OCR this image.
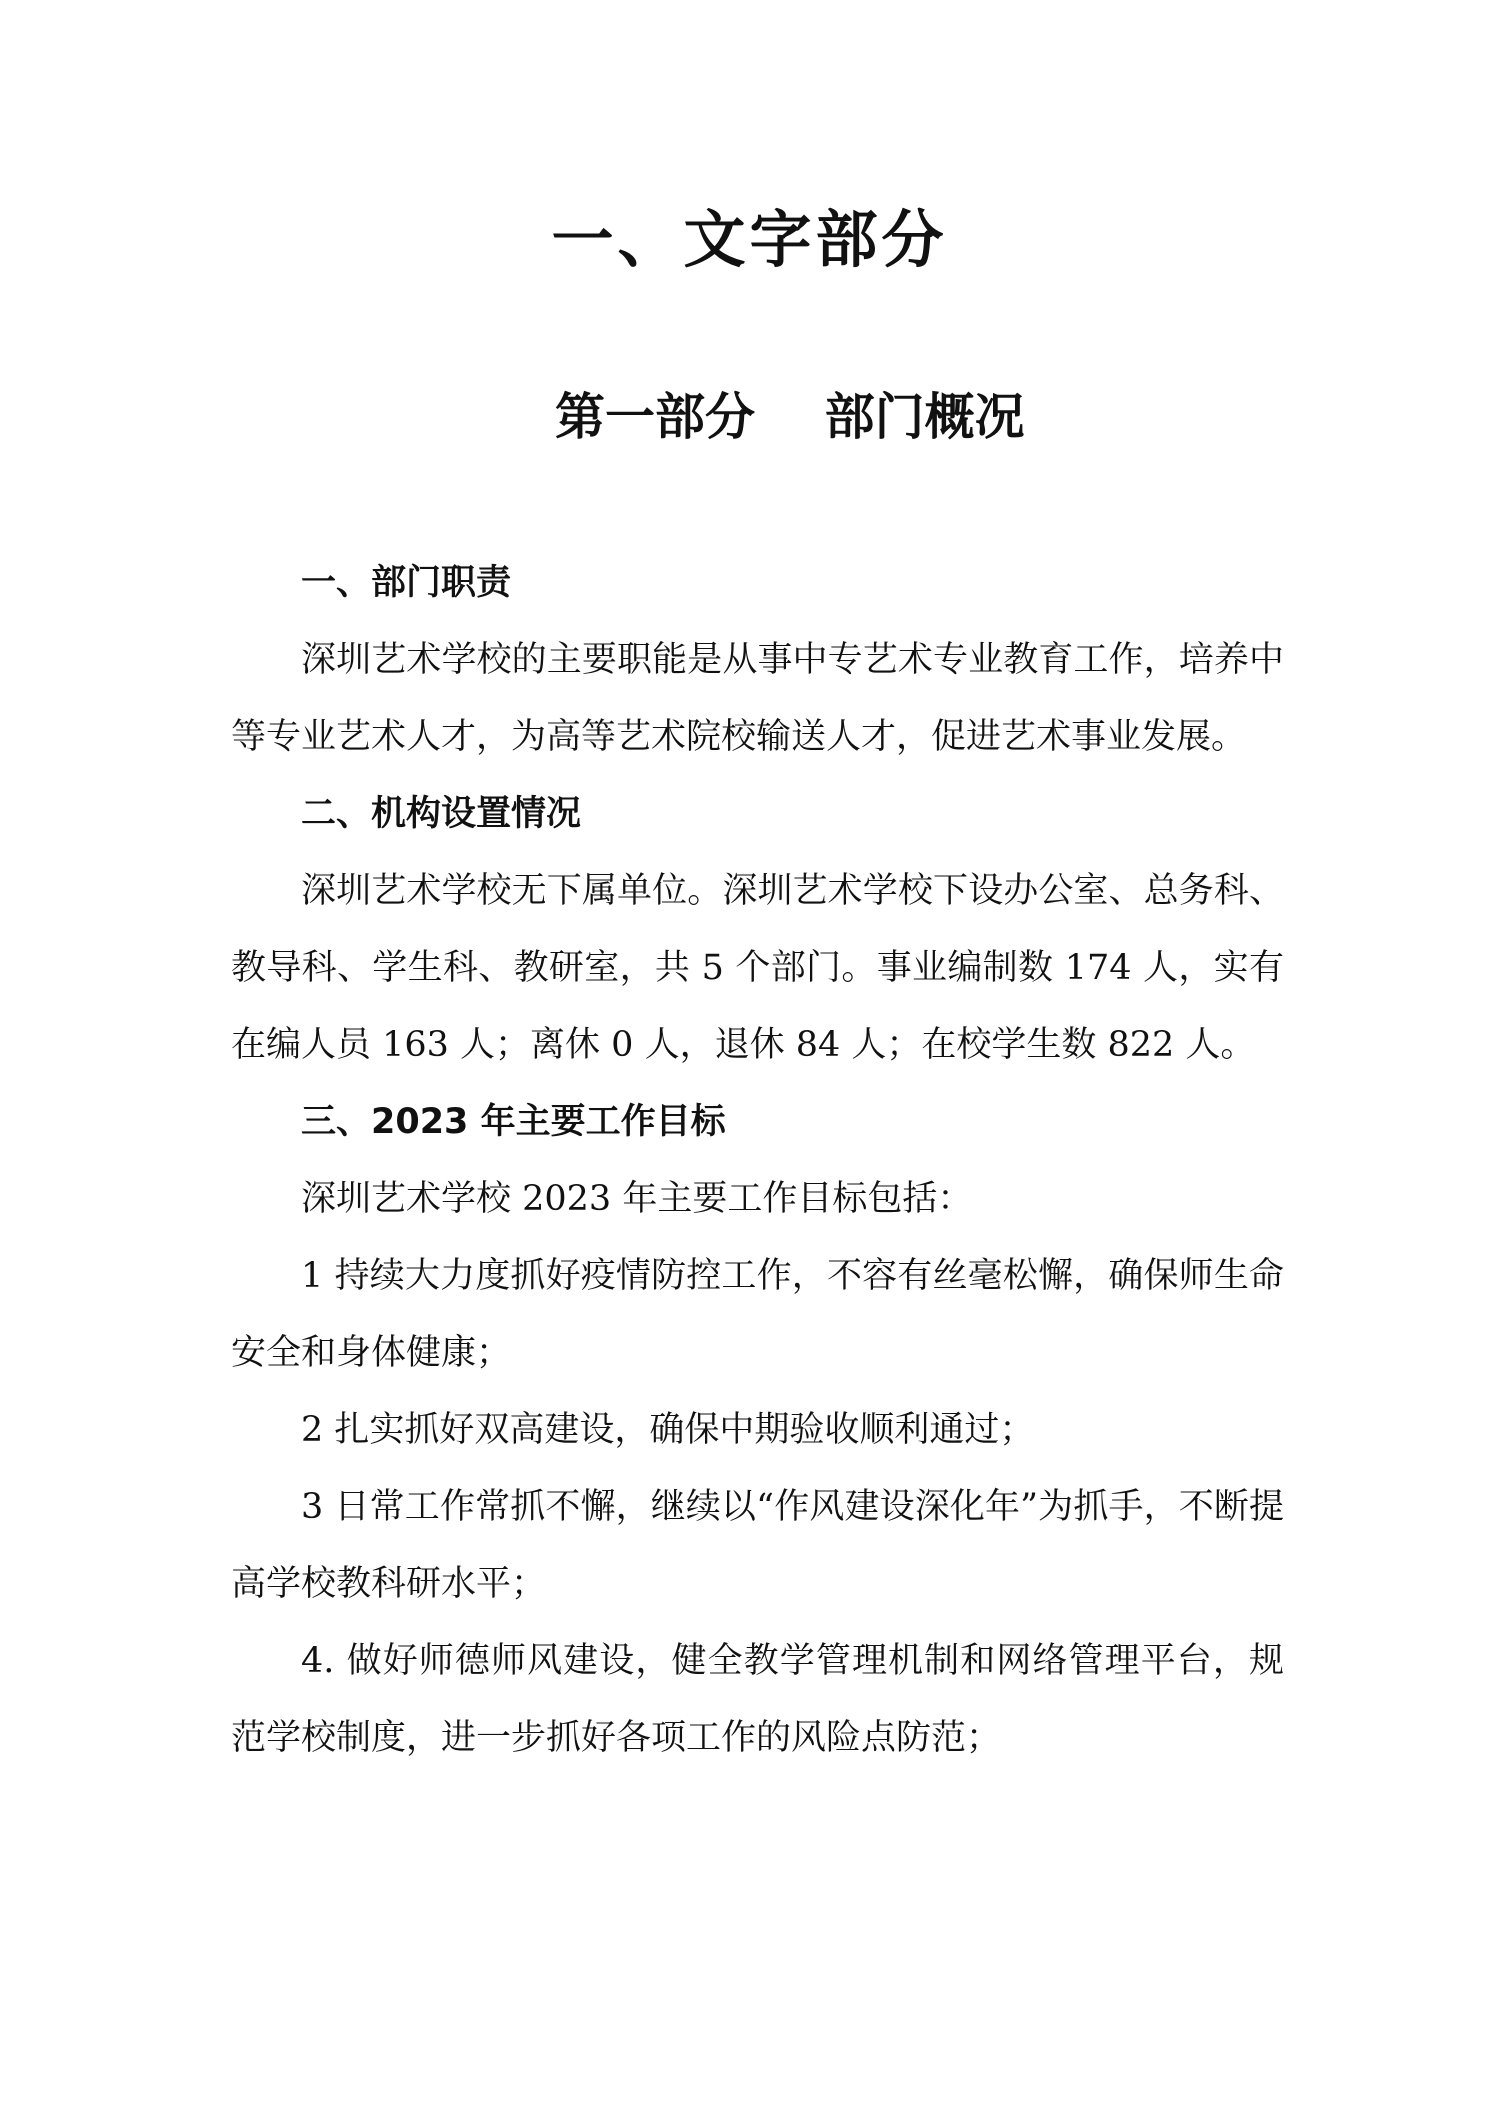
一、文字部分
第一部分    部门概况
一、部门职责

深圳艺术学校的主要职能是从事中专艺术专业教育工作，培养中等专业艺术人才，为高等艺术院校输送人才，促进艺术事业发展。

二、机构设置情况

深圳艺术学校无下属单位。深圳艺术学校下设办公室、总务科、教导科、学生科、教研室，共 5 个部门。事业编制数 174 人，实有在编人员 163 人；离休 0 人，退休 84 人；在校学生数 822 人。

三、2023 年主要工作目标

深圳艺术学校 2023 年主要工作目标包括：

1 持续大力度抓好疫情防控工作，不容有丝毫松懈，确保师生命安全和身体健康；

2 扎实抓好双高建设，确保中期验收顺利通过；

3 日常工作常抓不懈，继续以“作风建设深化年”为抓手，不断提高学校教科研水平；

4. 做好师德师风建设，健全教学管理机制和网络管理平台，规范学校制度，进一步抓好各项工作的风险点防范；
